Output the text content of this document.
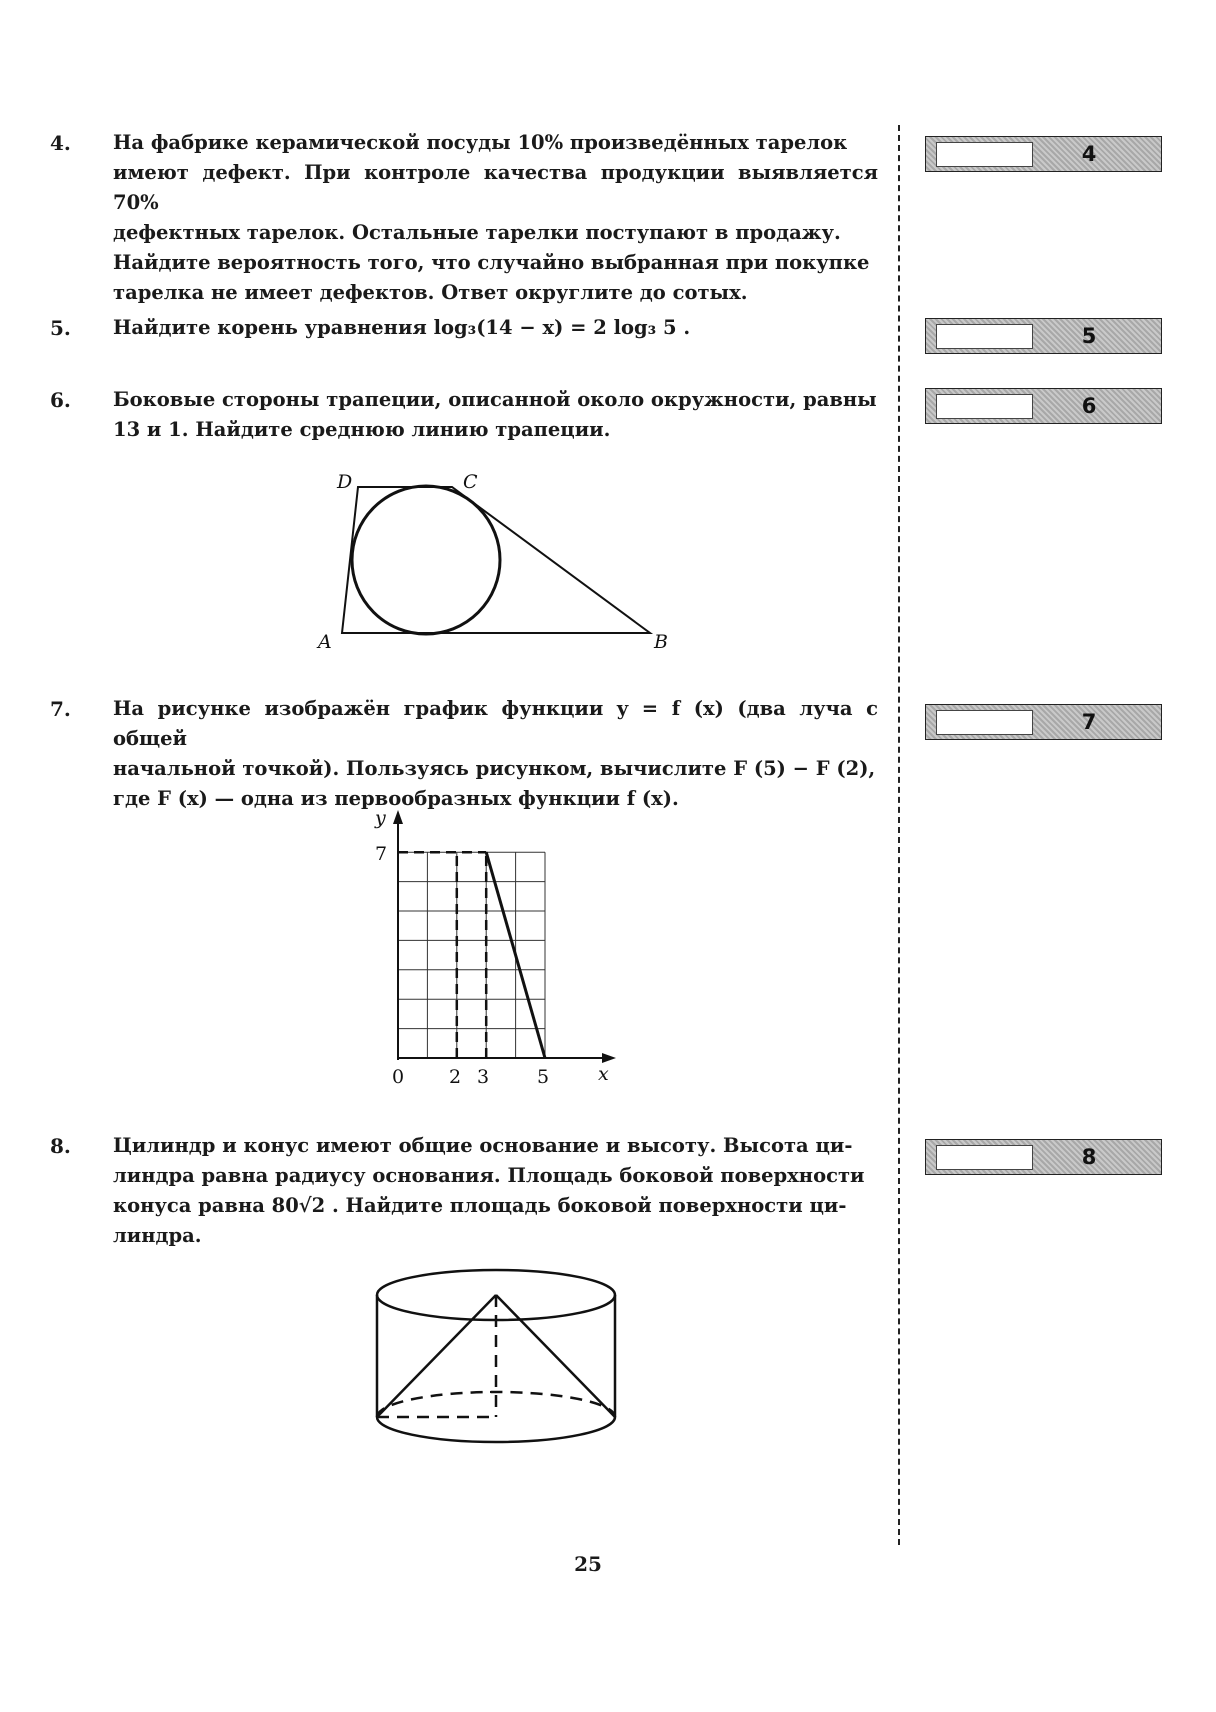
4. На фабрике керамической посуды 10% произведённых тарелок
имеют дефект. При контроле качества продукции выявляется 70%
дефектных тарелок. Остальные тарелки поступают в продажу.
Найдите вероятность того, что случайно выбранная при покупке
тарелка не имеет дефектов. Ответ округлите до сотых.
4
5. Найдите корень уравнения log₃(14 − x) = 2 log₃ 5 .	5
6. Боковые стороны трапеции, описанной около окружности, равны
13 и 1. Найдите среднюю линию трапеции.
6
D	C
A	B
7. На рисунке изображён график функции y = f (x) (два луча с общей
начальной точкой). Пользуясь рисунком, вычислите F (5) − F (2),
где F (x) — одна из первообразных функции f (x).
7
y
x
7
0 2 3	5
8. Цилиндр и конус имеют общие основание и высоту. Высота ци-
линдра равна радиусу основания. Площадь боковой поверхности
конуса равна 80√2 . Найдите площадь боковой поверхности ци-
линдра.
8
25
